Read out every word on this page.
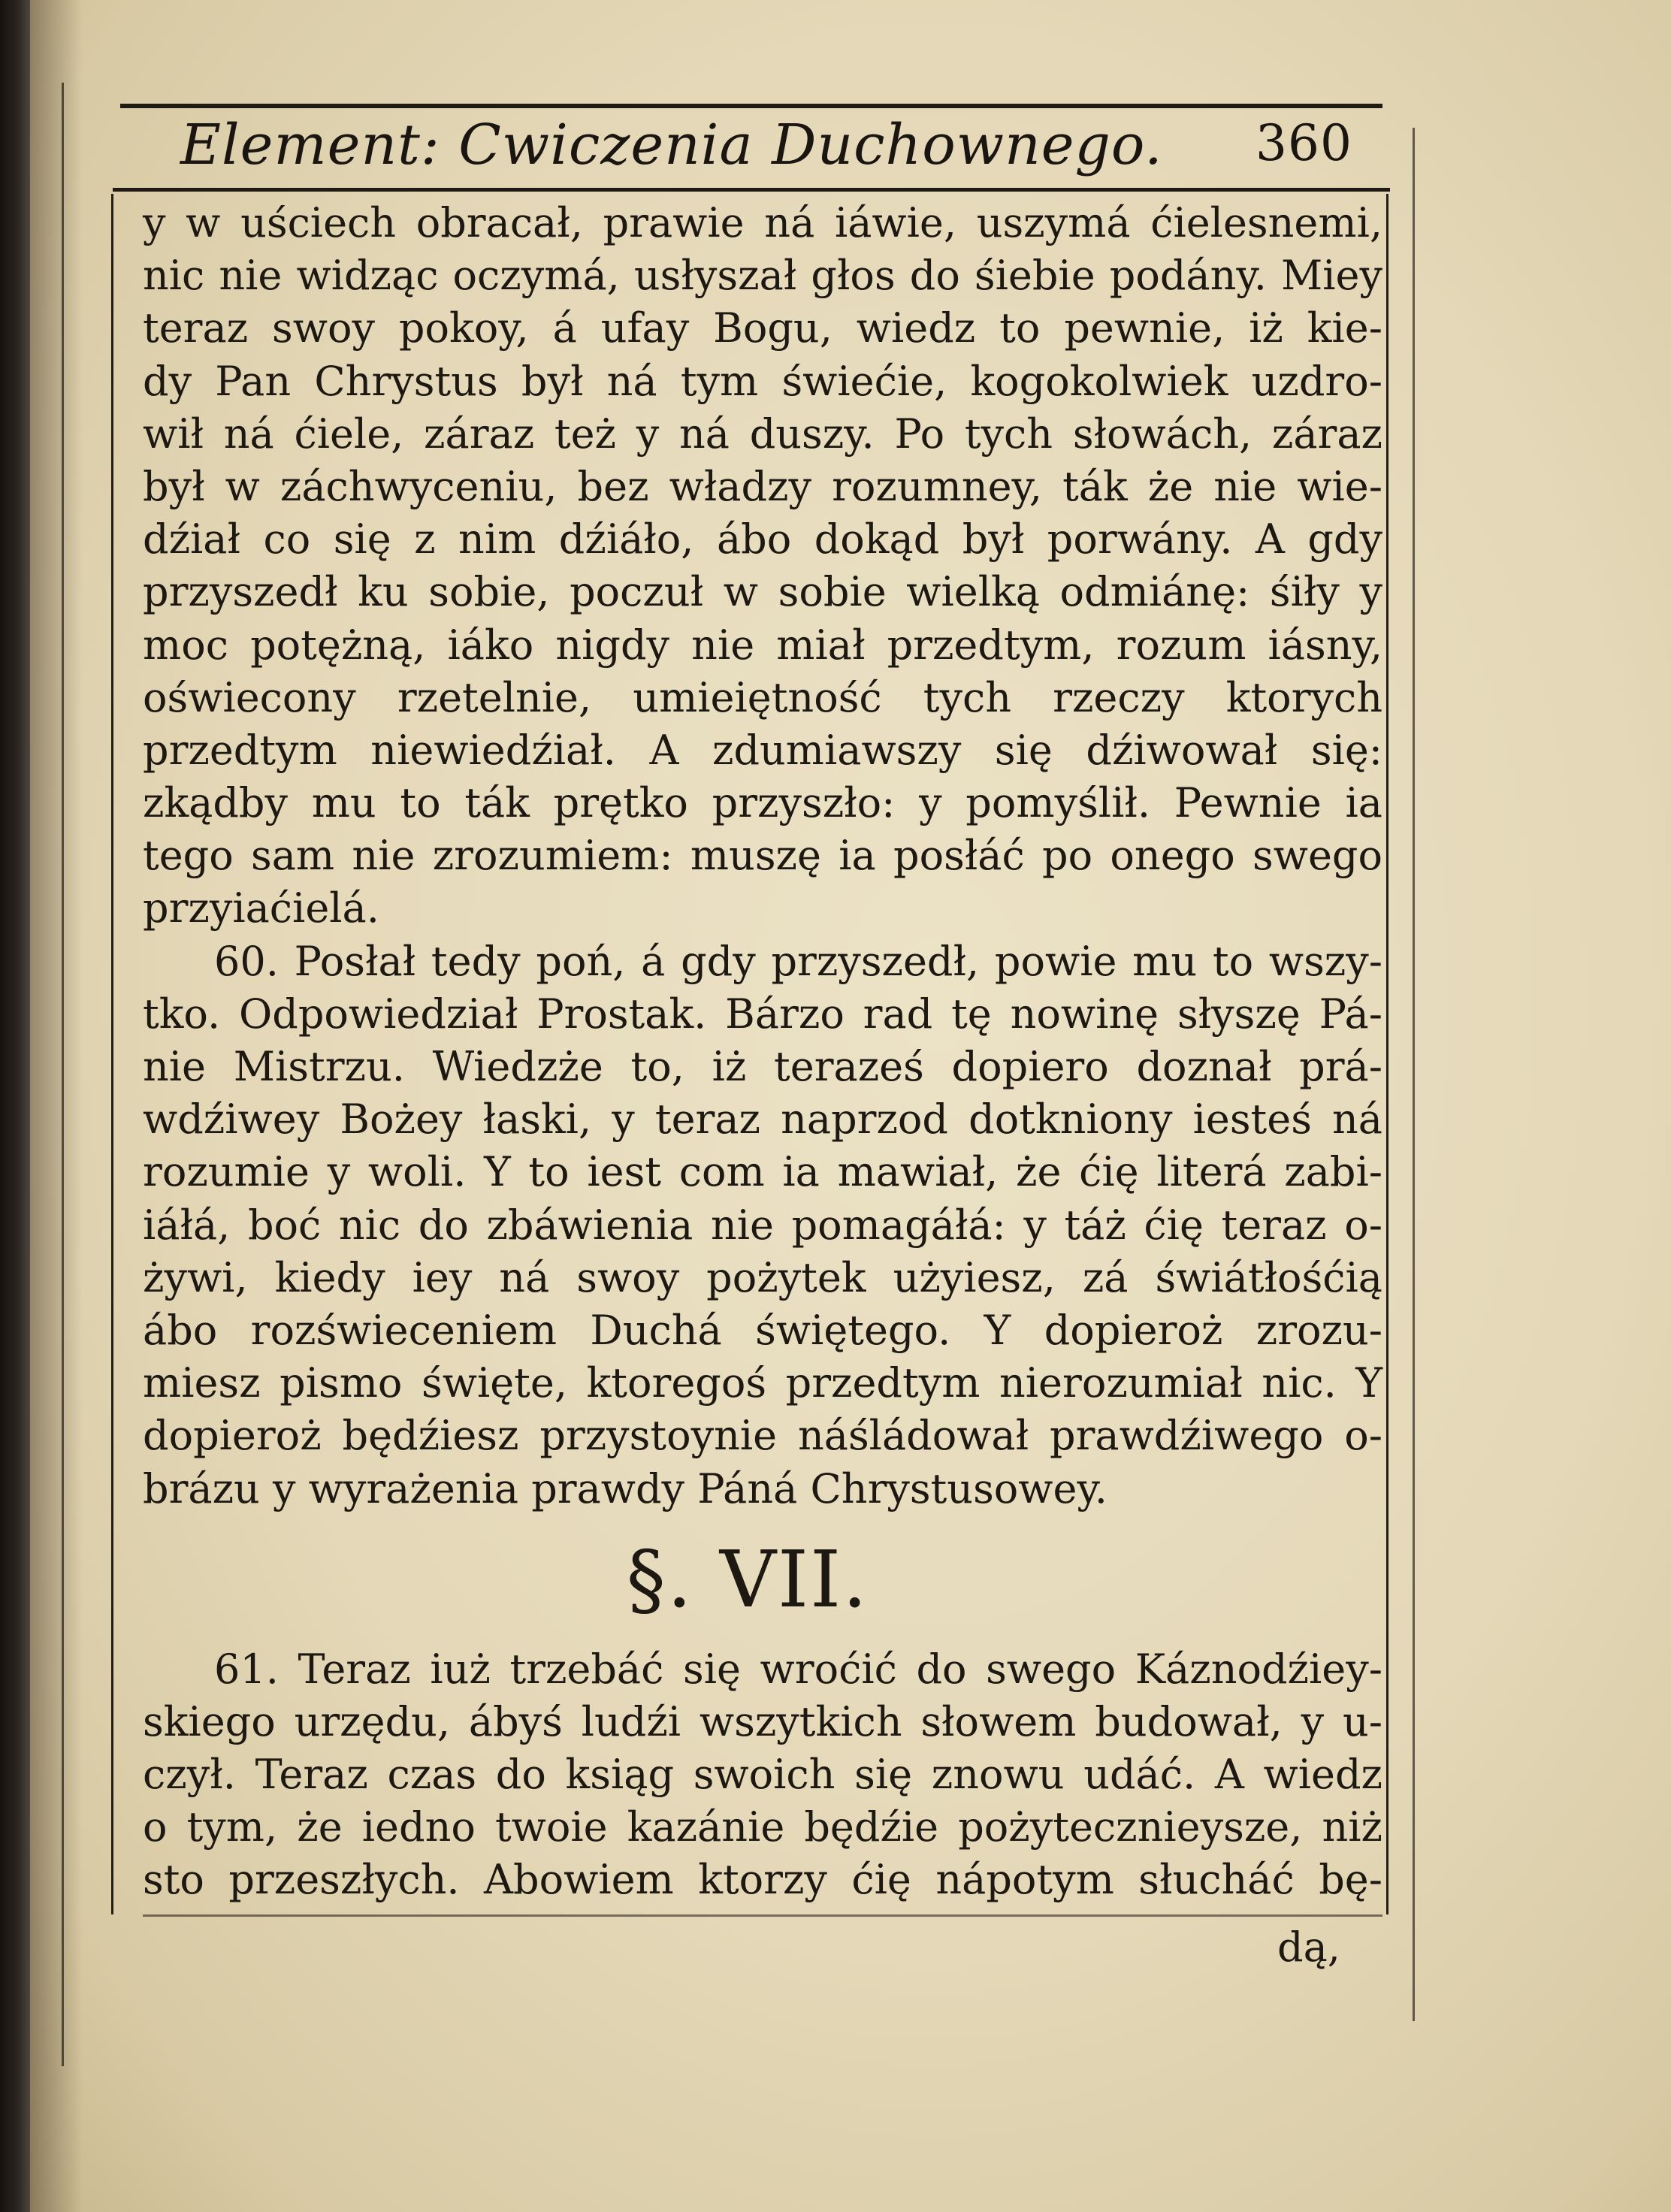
Element: Cwiczenia Duchownego. 360
y w uściech obracał, prawie ná iáwie, uszymá ćielesnemi,
nic nie widząc oczymá, usłyszał głos do śiebie podány. Miey
teraz swoy pokoy, á ufay Bogu, wiedz to pewnie, iż kie-
dy Pan Chrystus był ná tym świećie, kogokolwiek uzdro-
wił ná ćiele, záraz też y ná duszy. Po tych słowách, záraz
był w záchwyceniu, bez władzy rozumney, ták że nie wie-
dźiał co się z nim dźiáło, ábo dokąd był porwány. A gdy
przyszedł ku sobie, poczuł w sobie wielką odmiánę: śiły y
moc potężną, iáko nigdy nie miał przedtym, rozum iásny,
oświecony rzetelnie, umieiętność tych rzeczy ktorych
przedtym niewiedźiał. A zdumiawszy się dźiwował się:
zkądby mu to ták prętko przyszło: y pomyślił. Pewnie ia
tego sam nie zrozumiem: muszę ia posłáć po onego swego
przyiaćielá.
60. Posłał tedy poń, á gdy przyszedł, powie mu to wszy-
tko. Odpowiedział Prostak. Bárzo rad tę nowinę słyszę Pá-
nie Mistrzu. Wiedzże to, iż teraześ dopiero doznał prá-
wdźiwey Bożey łaski, y teraz naprzod dotkniony iesteś ná
rozumie y woli. Y to iest com ia mawiał, że ćię literá zabi-
iáłá, boć nic do zbáwienia nie pomagáłá: y táż ćię teraz o-
żywi, kiedy iey ná swoy pożytek użyiesz, zá świátłośćią
ábo rozświeceniem Duchá świętego. Y dopieroż zrozu-
miesz pismo święte, ktoregoś przedtym nierozumiał nic. Y
dopieroż będźiesz przystoynie náśládował prawdźiwego o-
brázu y wyrażenia prawdy Páná Chrystusowey.
§. VII.
61. Teraz iuż trzebáć się wroćić do swego Káznodźiey-
skiego urzędu, ábyś ludźi wszytkich słowem budował, y u-
czył. Teraz czas do ksiąg swoich się znowu udáć. A wiedz
o tym, że iedno twoie kazánie będźie pożytecznieysze, niż
sto przeszłych. Abowiem ktorzy ćię nápotym słucháć bę-
dą,
